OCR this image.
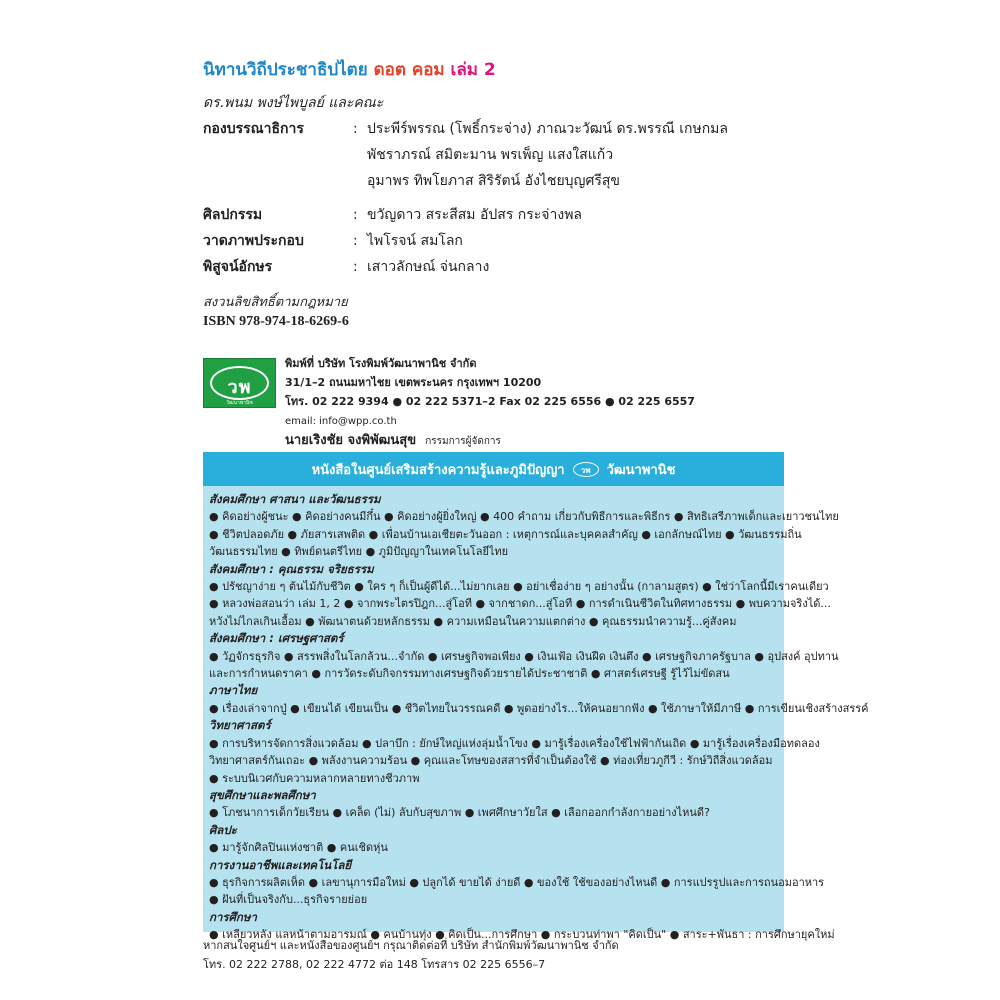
นิทานวิถีประชาธิปไตย ดอต คอม เล่ม 2
ดร.พนม พงษ์ไพบูลย์ และคณะ
กองบรรณาธิการ	: ประพีร์พรรณ (โพธิ์กระจ่าง) ภาณวะวัฒน์ ดร.พรรณี เกษกมล
พัชราภรณ์ สมิตะมาน พรเพ็ญ แสงใสแก้ว
อุมาพร ทิพโยภาส สิริรัตน์ อังไชยบุญศรีสุข
ศิลปกรรม	: ขวัญดาว สระสีสม อัปสร กระจ่างพล
วาดภาพประกอบ	: ไพโรจน์ สมโลก
พิสูจน์อักษร	: เสาวลักษณ์ จ่นกลาง
สงวนลิขสิทธิ์ตามกฎหมาย
ISBN 978-974-18-6269-6
วพ
วัฒนาพานิช
พิมพ์ที่ บริษัท โรงพิมพ์วัฒนาพานิช จำกัด
31/1–2 ถนนมหาไชย เขตพระนคร กรุงเทพฯ 10200
โทร. 02 222 9394 ● 02 222 5371–2 Fax 02 225 6556 ● 02 225 6557
email: info@wpp.co.th
นายเริงชัย จงพิพัฒนสุข กรรมการผู้จัดการ
หนังสือในศูนย์เสริมสร้างความรู้และภูมิปัญญา	วพ	วัฒนาพานิช
สังคมศึกษา ศาสนา และวัฒนธรรม
● คิดอย่างผู้ชนะ ● คิดอย่างคนมีกึ๋น ● คิดอย่างผู้ยิ่งใหญ่ ● 400 คำถาม เกี่ยวกับพิธีการและพิธีกร ● สิทธิเสรีภาพเด็กและเยาวชนไทย
● ชีวิตปลอดภัย ● ภัยสารเสพติด ● เพื่อนบ้านเอเชียตะวันออก : เหตุการณ์และบุคคลสำคัญ ● เอกลักษณ์ไทย ● วัฒนธรรมถิ่น
วัฒนธรรมไทย ● ทิพย์ดนตรีไทย ● ภูมิปัญญาในเทคโนโลยีไทย
สังคมศึกษา : คุณธรรม จริยธรรม
● ปรัชญาง่าย ๆ ต้นไม้กับชีวิต ● ใคร ๆ ก็เป็นผู้ดีได้...ไม่ยากเลย ● อย่าเชื่อง่าย ๆ อย่างนั้น (กาลามสูตร) ● ใช่ว่าโลกนี้มีเราคนเดียว
● หลวงพ่อสอนว่า เล่ม 1, 2 ● จากพระไตรปิฎก...สู่โอที ● จากชาดก...สู่โอที ● การดำเนินชีวิตในทิศทางธรรม ● พบความจริงได้...
หวังไม่ไกลเกินเอื้อม ● พัฒนาตนด้วยหลักธรรม ● ความเหมือนในความแตกต่าง ● คุณธรรมนำความรู้...คู่สังคม
สังคมศึกษา : เศรษฐศาสตร์
● วัฏจักรธุรกิจ ● สรรพสิ่งในโลกล้วน...จำกัด ● เศรษฐกิจพอเพียง ● เงินเฟ้อ เงินฝืด เงินตึง ● เศรษฐกิจภาครัฐบาล ● อุปสงค์ อุปทาน
และการกำหนดราคา ● การวัดระดับกิจกรรมทางเศรษฐกิจด้วยรายได้ประชาชาติ ● ศาสตร์เศรษฐี รู้ไว้ไม่ขัดสน
ภาษาไทย
● เรื่องเล่าจากปู่ ● เขียนได้ เขียนเป็น ● ชีวิตไทยในวรรณคดี ● พูดอย่างไร...ให้คนอยากฟัง ● ใช้ภาษาให้มีภาษี ● การเขียนเชิงสร้างสรรค์
วิทยาศาสตร์
● การบริหารจัดการสิ่งแวดล้อม ● ปลาบึก : ยักษ์ใหญ่แห่งลุ่มน้ำโขง ● มารู้เรื่องเครื่องใช้ไฟฟ้ากันเถิด ● มารู้เรื่องเครื่องมือทดลอง
วิทยาศาสตร์กันเถอะ ● พลังงานความร้อน ● คุณและโทษของสสารที่จำเป็นต้องใช้ ● ท่องเที่ยวภูกีวี : รักษ์วิถีสิ่งแวดล้อม
● ระบบนิเวศกับความหลากหลายทางชีวภาพ
สุขศึกษาและพลศึกษา
● โภชนาการเด็กวัยเรียน ● เคล็ด (ไม่) ลับกับสุขภาพ ● เพศศึกษาวัยใส ● เลือกออกกำลังกายอย่างไหนดี?
ศิลปะ
● มารู้จักศิลปินแห่งชาติ ● คนเชิดหุ่น
การงานอาชีพและเทคโนโลยี
● ธุรกิจการผลิตเห็ด ● เลขานุการมือใหม่ ● ปลูกได้ ขายได้ ง่ายดี ● ของใช้ ใช้ของอย่างไหนดี ● การแปรรูปและการถนอมอาหาร
● ฝันที่เป็นจริงกับ...ธุรกิจรายย่อย
การศึกษา
● เหลียวหลัง แลหน้าตามอารมณ์ ● คนบ้านทุ่ง ● คิดเป็น...การศึกษา ● กระบวนท่าพา "คิดเป็น" ● สาระ+พันธา : การศึกษายุคใหม่
หากสนใจศูนย์ฯ และหนังสือของศูนย์ฯ กรุณาติดต่อที่ บริษัท สำนักพิมพ์วัฒนาพานิช จำกัด
โทร. 02 222 2788, 02 222 4772 ต่อ 148 โทรสาร 02 225 6556–7
